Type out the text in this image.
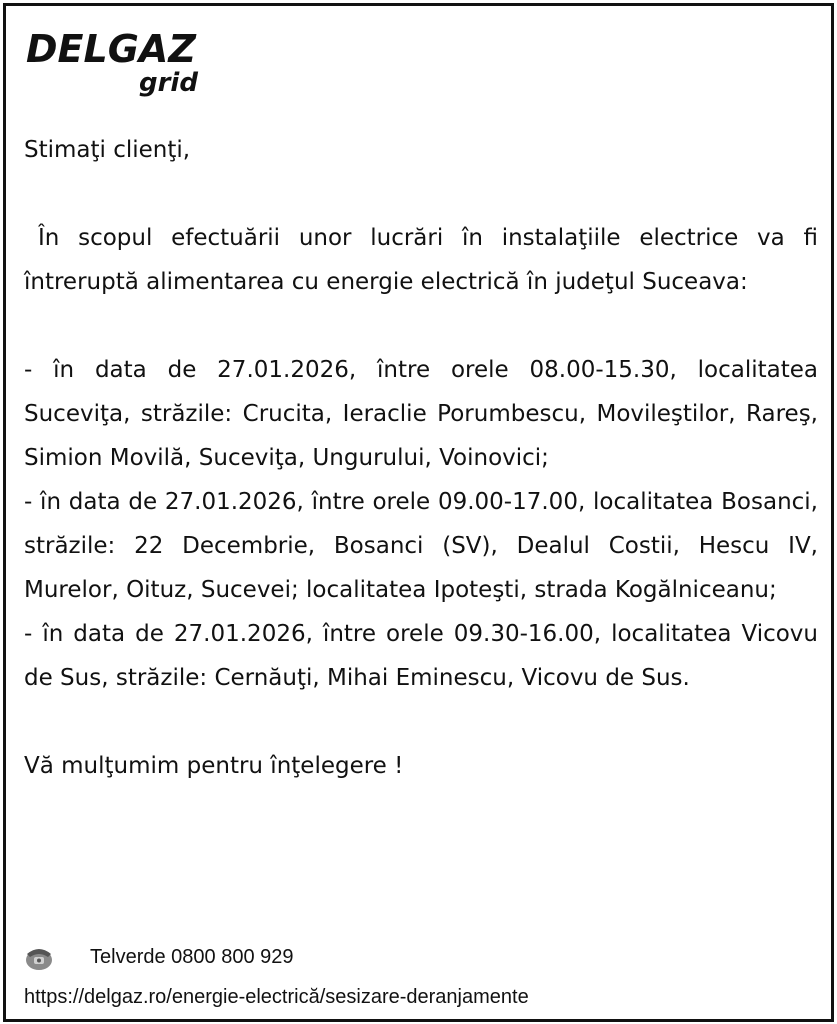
DELGAZ
grid

Stimaţi clienţi,

În scopul efectuării unor lucrări în instalaţiile electrice va fi întreruptă alimentarea cu energie electrică în judeţul Suceava:

- în data de 27.01.2026, între orele 08.00-15.30, localitatea Suceviţa, străzile: Crucita, Ieraclie Porumbescu, Movileştilor, Rareş, Simion Movilă, Suceviţa, Ungurului, Voinovici;

- în data de 27.01.2026, între orele 09.00-17.00, localitatea Bosanci, străzile: 22 Decembrie, Bosanci (SV), Dealul Costii, Hescu IV, Murelor, Oituz, Sucevei; localitatea Ipoteşti, strada Kogălniceanu;

- în data de 27.01.2026, între orele 09.30-16.00, localitatea Vicovu de Sus, străzile: Cernăuţi, Mihai Eminescu, Vicovu de Sus.

Vă mulţumim pentru înţelegere !

Telverde 0800 800 929
https://delgaz.ro/energie-electrică/sesizare-deranjamente
